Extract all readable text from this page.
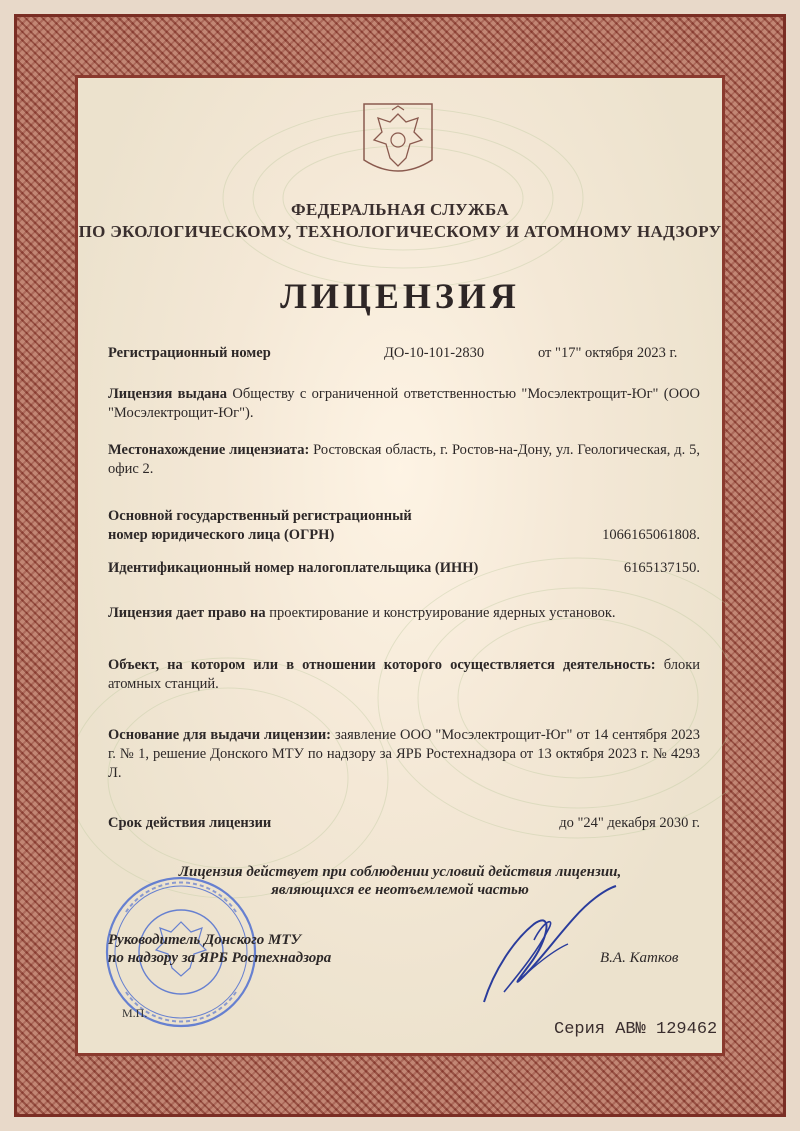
ФЕДЕРАЛЬНАЯ СЛУЖБА
ПО ЭКОЛОГИЧЕСКОМУ, ТЕХНОЛОГИЧЕСКОМУ И АТОМНОМУ НАДЗОРУ
ЛИЦЕНЗИЯ
Регистрационный номер	ДО-10-101-2830	от "17" октября 2023 г.
Лицензия выдана Обществу с ограниченной ответственностью "Мосэлектрощит-Юг" (ООО "Мосэлектрощит-Юг").
Местонахождение лицензиата: Ростовская область, г. Ростов-на-Дону, ул. Геологическая, д. 5, офис 2.
Основной государственный регистрационный
номер юридического лица (ОГРН)	1066165061808.
Идентификационный номер налогоплательщика (ИНН)	6165137150.
Лицензия дает право на проектирование и конструирование ядерных установок.
Объект, на котором или в отношении которого осуществляется деятельность: блоки атомных станций.
Основание для выдачи лицензии: заявление ООО "Мосэлектрощит-Юг" от 14 сентября 2023 г. № 1, решение Донского МТУ по надзору за ЯРБ Ростехнадзора от 13 октября 2023 г. № 4293 Л.
Срок действия лицензии	до "24" декабря 2030 г.
Лицензия действует при соблюдении условий действия лицензии,
являющихся ее неотъемлемой частью
Руководитель Донского МТУ
по надзору за ЯРБ Ростехнадзора	В.А. Катков
М.П.
Серия АВ№ 129462
